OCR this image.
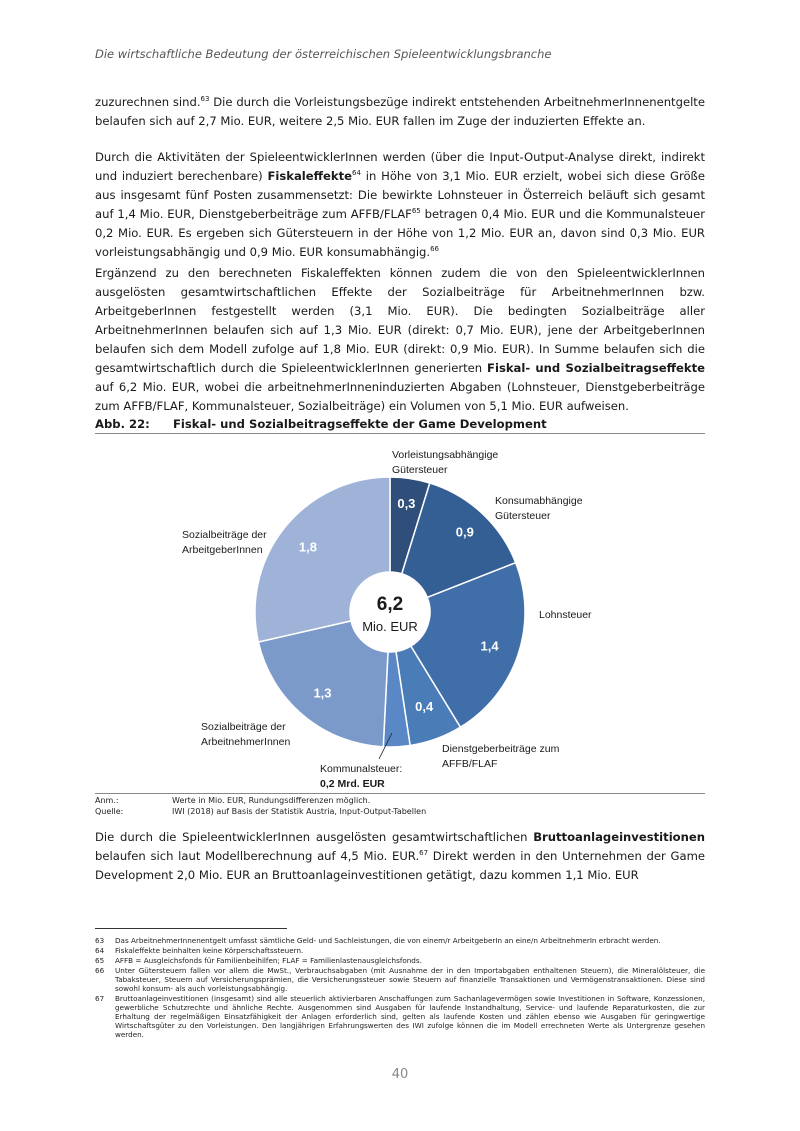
Die wirtschaftliche Bedeutung der österreichischen Spieleentwicklungsbranche
zuzurechnen sind.$^{63}$ Die durch die Vorleistungsbezüge indirekt entstehenden ArbeitnehmerInnenentgelte belaufen sich auf 2,7 Mio. EUR, weitere 2,5 Mio. EUR fallen im Zuge der induzierten Effekte an.
Durch die Aktivitäten der SpieleentwicklerInnen werden (über die Input-Output-Analyse direkt, indirekt und induziert berechenbare) Fiskaleffekte$^{64}$ in Höhe von 3,1 Mio. EUR erzielt, wobei sich diese Größe aus insgesamt fünf Posten zusammensetzt: Die bewirkte Lohnsteuer in Österreich beläuft sich gesamt auf 1,4 Mio. EUR, Dienstgeberbeiträge zum AFFB/FLAF$^{65}$ betragen 0,4 Mio. EUR und die Kommunalsteuer 0,2 Mio. EUR. Es ergeben sich Gütersteuern in der Höhe von 1,2 Mio. EUR an, davon sind 0,3 Mio. EUR vorleistungsabhängig und 0,9 Mio. EUR konsumabhängig.$^{66}$
Ergänzend zu den berechneten Fiskaleffekten können zudem die von den SpieleentwicklerInnen ausgelösten gesamtwirtschaftlichen Effekte der Sozialbeiträge für ArbeitnehmerInnen bzw. ArbeitgeberInnen festgestellt werden (3,1 Mio. EUR). Die bedingten Sozialbeiträge aller ArbeitnehmerInnen belaufen sich auf 1,3 Mio. EUR (direkt: 0,7 Mio. EUR), jene der ArbeitgeberInnen belaufen sich dem Modell zufolge auf 1,8 Mio. EUR (direkt: 0,9 Mio. EUR). In Summe belaufen sich die gesamtwirtschaftlich durch die SpieleentwicklerInnen generierten Fiskal- und Sozialbeitragseffekte auf 6,2 Mio. EUR, wobei die arbeitnehmerInneninduzierten Abgaben (Lohnsteuer, Dienstgeberbeiträge zum AFFB/FLAF, Kommunalsteuer, Sozialbeiträge) ein Volumen von 5,1 Mio. EUR aufweisen.
Abb. 22: Fiskal- und Sozialbeitragseffekte der Game Development
0,3
Vorleistungsabhängige Gütersteuer
0,9
Konsumabhängige Gütersteuer
1,4
Lohnsteuer
0,4
Dienstgeberbeiträge zum AFFB/FLAF
Kommunalsteuer: 0,2 Mrd. EUR
1,3
Sozialbeiträge der ArbeitnehmerInnen
1,8
Sozialbeiträge der ArbeitgeberInnen
6,2
Mio. EUR
Anm.:	Werte in Mio. EUR, Rundungsdifferenzen möglich.
Quelle:	IWI (2018) auf Basis der Statistik Austria, Input-Output-Tabellen
Die durch die SpieleentwicklerInnen ausgelösten gesamtwirtschaftlichen Bruttoanlageinvestitionen belaufen sich laut Modellberechnung auf 4,5 Mio. EUR.$^{67}$ Direkt werden in den Unternehmen der Game Development 2,0 Mio. EUR an Bruttoanlageinvestitionen getätigt, dazu kommen 1,1 Mio. EUR
63	Das ArbeitnehmerInnenentgelt umfasst sämtliche Geld- und Sachleistungen, die von einem/r ArbeitgeberIn an eine/n ArbeitnehmerIn erbracht werden.
64	Fiskaleffekte beinhalten keine Körperschaftssteuern.
65	AFFB = Ausgleichsfonds für Familienbeihilfen; FLAF = Familienlastenausgleichsfonds.
66	Unter Gütersteuern fallen vor allem die MwSt., Verbrauchsabgaben (mit Ausnahme der in den Importabgaben enthaltenen Steuern), die Mineralölsteuer, die Tabaksteuer, Steuern auf Versicherungsprämien, die Versicherungssteuer sowie Steuern auf finanzielle Transaktionen und Vermögenstransaktionen. Diese sind sowohl konsum- als auch vorleistungsabhängig.
67	Bruttoanlageinvestitionen (insgesamt) sind alle steuerlich aktivierbaren Anschaffungen zum Sachanlagevermögen sowie Investitionen in Software, Konzessionen, gewerbliche Schutzrechte und ähnliche Rechte. Ausgenommen sind Ausgaben für laufende Instandhaltung, Service- und laufende Reparaturkosten, die zur Erhaltung der regelmäßigen Einsatzfähigkeit der Anlagen erforderlich sind, gelten als laufende Kosten und zählen ebenso wie Ausgaben für geringwertige Wirtschaftsgüter zu den Vorleistungen. Den langjährigen Erfahrungswerten des IWI zufolge können die im Modell errechneten Werte als Untergrenze gesehen werden.
40
